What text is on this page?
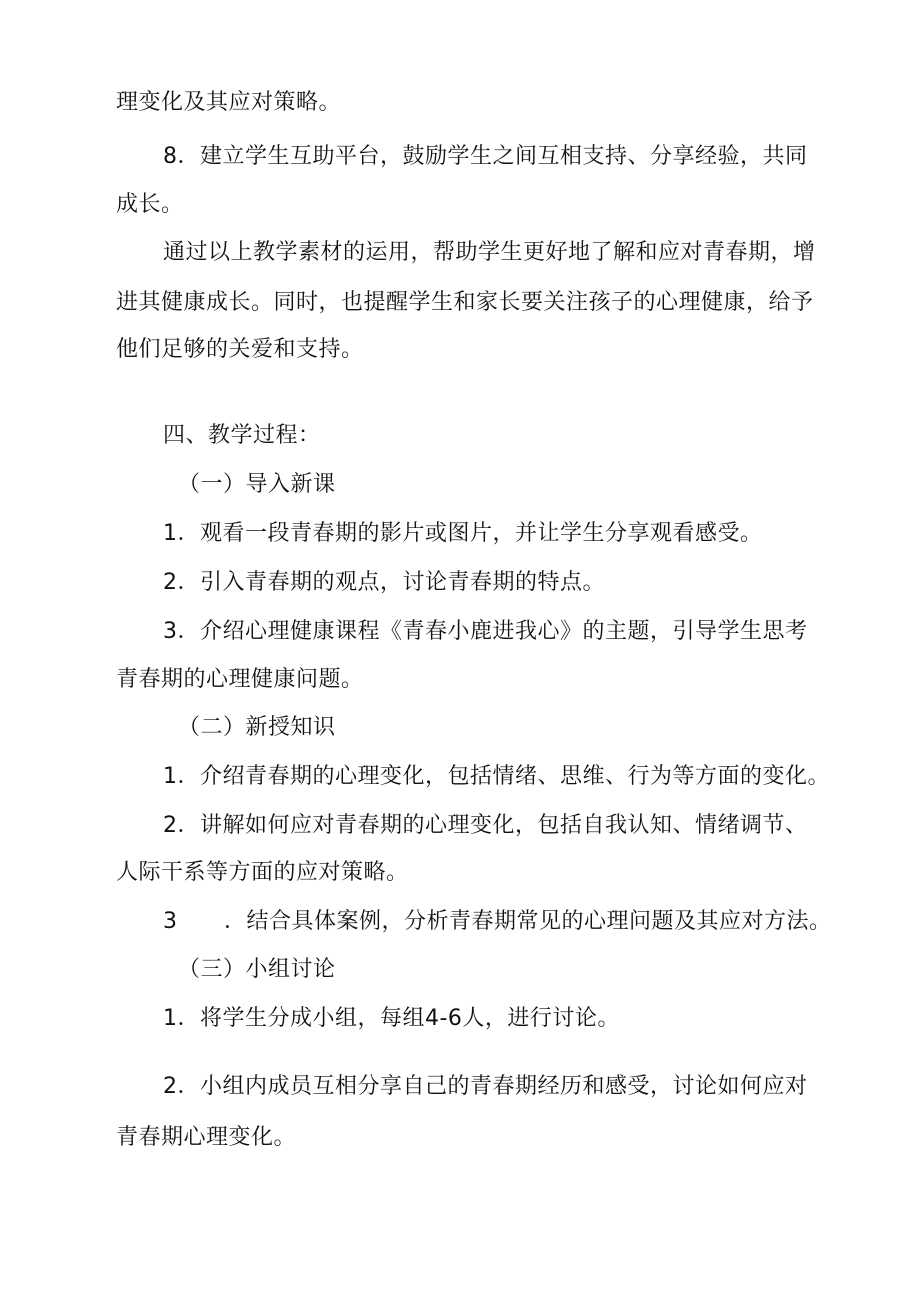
理变化及其应对策略。
8．建立学生互助平台，鼓励学生之间互相支持、分享经验，共同
成长。
通过以上教学素材的运用，帮助学生更好地了解和应对青春期，增
进其健康成长。同时，也提醒学生和家长要关注孩子的心理健康，给予
他们足够的关爱和支持。
四、教学过程：
（一）导入新课
1．观看一段青春期的影片或图片，并让学生分享观看感受。
2．引入青春期的观点，讨论青春期的特点。
3．介绍心理健康课程《青春小鹿进我心》的主题，引导学生思考
青春期的心理健康问题。
（二）新授知识
1．介绍青春期的心理变化，包括情绪、思维、行为等方面的变化。
2．讲解如何应对青春期的心理变化，包括自我认知、情绪调节、
人际干系等方面的应对策略。
3 ．结合具体案例，分析青春期常见的心理问题及其应对方法。
（三）小组讨论
1．将学生分成小组，每组4-6人，进行讨论。
2．小组内成员互相分享自己的青春期经历和感受，讨论如何应对
青春期心理变化。
